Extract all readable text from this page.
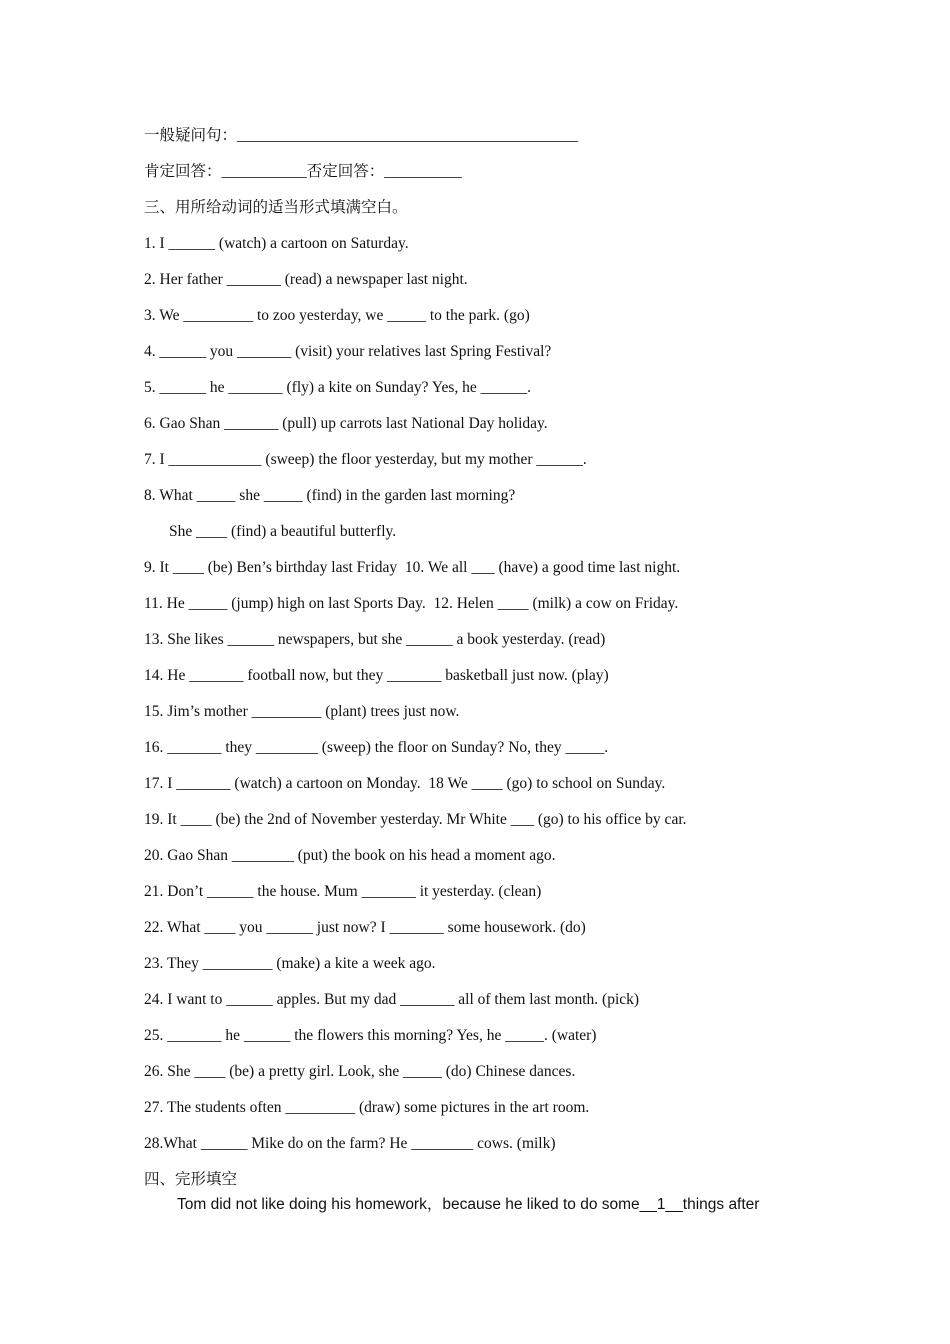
一般疑问句：____________________________________________
肯定回答：___________否定回答：__________
三、用所给动词的适当形式填满空白。
1. I ______ (watch) a cartoon on Saturday.
2. Her father _______ (read) a newspaper last night.
3. We _________ to zoo yesterday, we _____ to the park. (go)
4. ______ you _______ (visit) your relatives last Spring Festival?
5. ______ he _______ (fly) a kite on Sunday? Yes, he ______.
6. Gao Shan _______ (pull) up carrots last National Day holiday.
7. I ____________ (sweep) the floor yesterday, but my mother ______.
8. What _____ she _____ (find) in the garden last morning?
She ____ (find) a beautiful butterfly.
9. It ____ (be) Ben’s birthday last Friday  10. We all ___ (have) a good time last night.
11. He _____ (jump) high on last Sports Day.  12. Helen ____ (milk) a cow on Friday.
13. She likes ______ newspapers, but she ______ a book yesterday. (read)
14. He _______ football now, but they _______ basketball just now. (play)
15. Jim’s mother _________ (plant) trees just now.
16. _______ they ________ (sweep) the floor on Sunday? No, they _____.
17. I _______ (watch) a cartoon on Monday.  18 We ____ (go) to school on Sunday.
19. It ____ (be) the 2nd of November yesterday. Mr White ___ (go) to his office by car.
20. Gao Shan ________ (put) the book on his head a moment ago.
21. Don’t ______ the house. Mum _______ it yesterday. (clean)
22. What ____ you ______ just now? I _______ some housework. (do)
23. They _________ (make) a kite a week ago.
24. I want to ______ apples. But my dad _______ all of them last month. (pick)
25. _______ he ______ the flowers this morning? Yes, he _____. (water)
26. She ____ (be) a pretty girl. Look, she _____ (do) Chinese dances.
27. The students often _________ (draw) some pictures in the art room.
28.What ______ Mike do on the farm? He ________ cows. (milk)
四、完形填空
Tom did not like doing his homework，because he liked to do some__1__things after
